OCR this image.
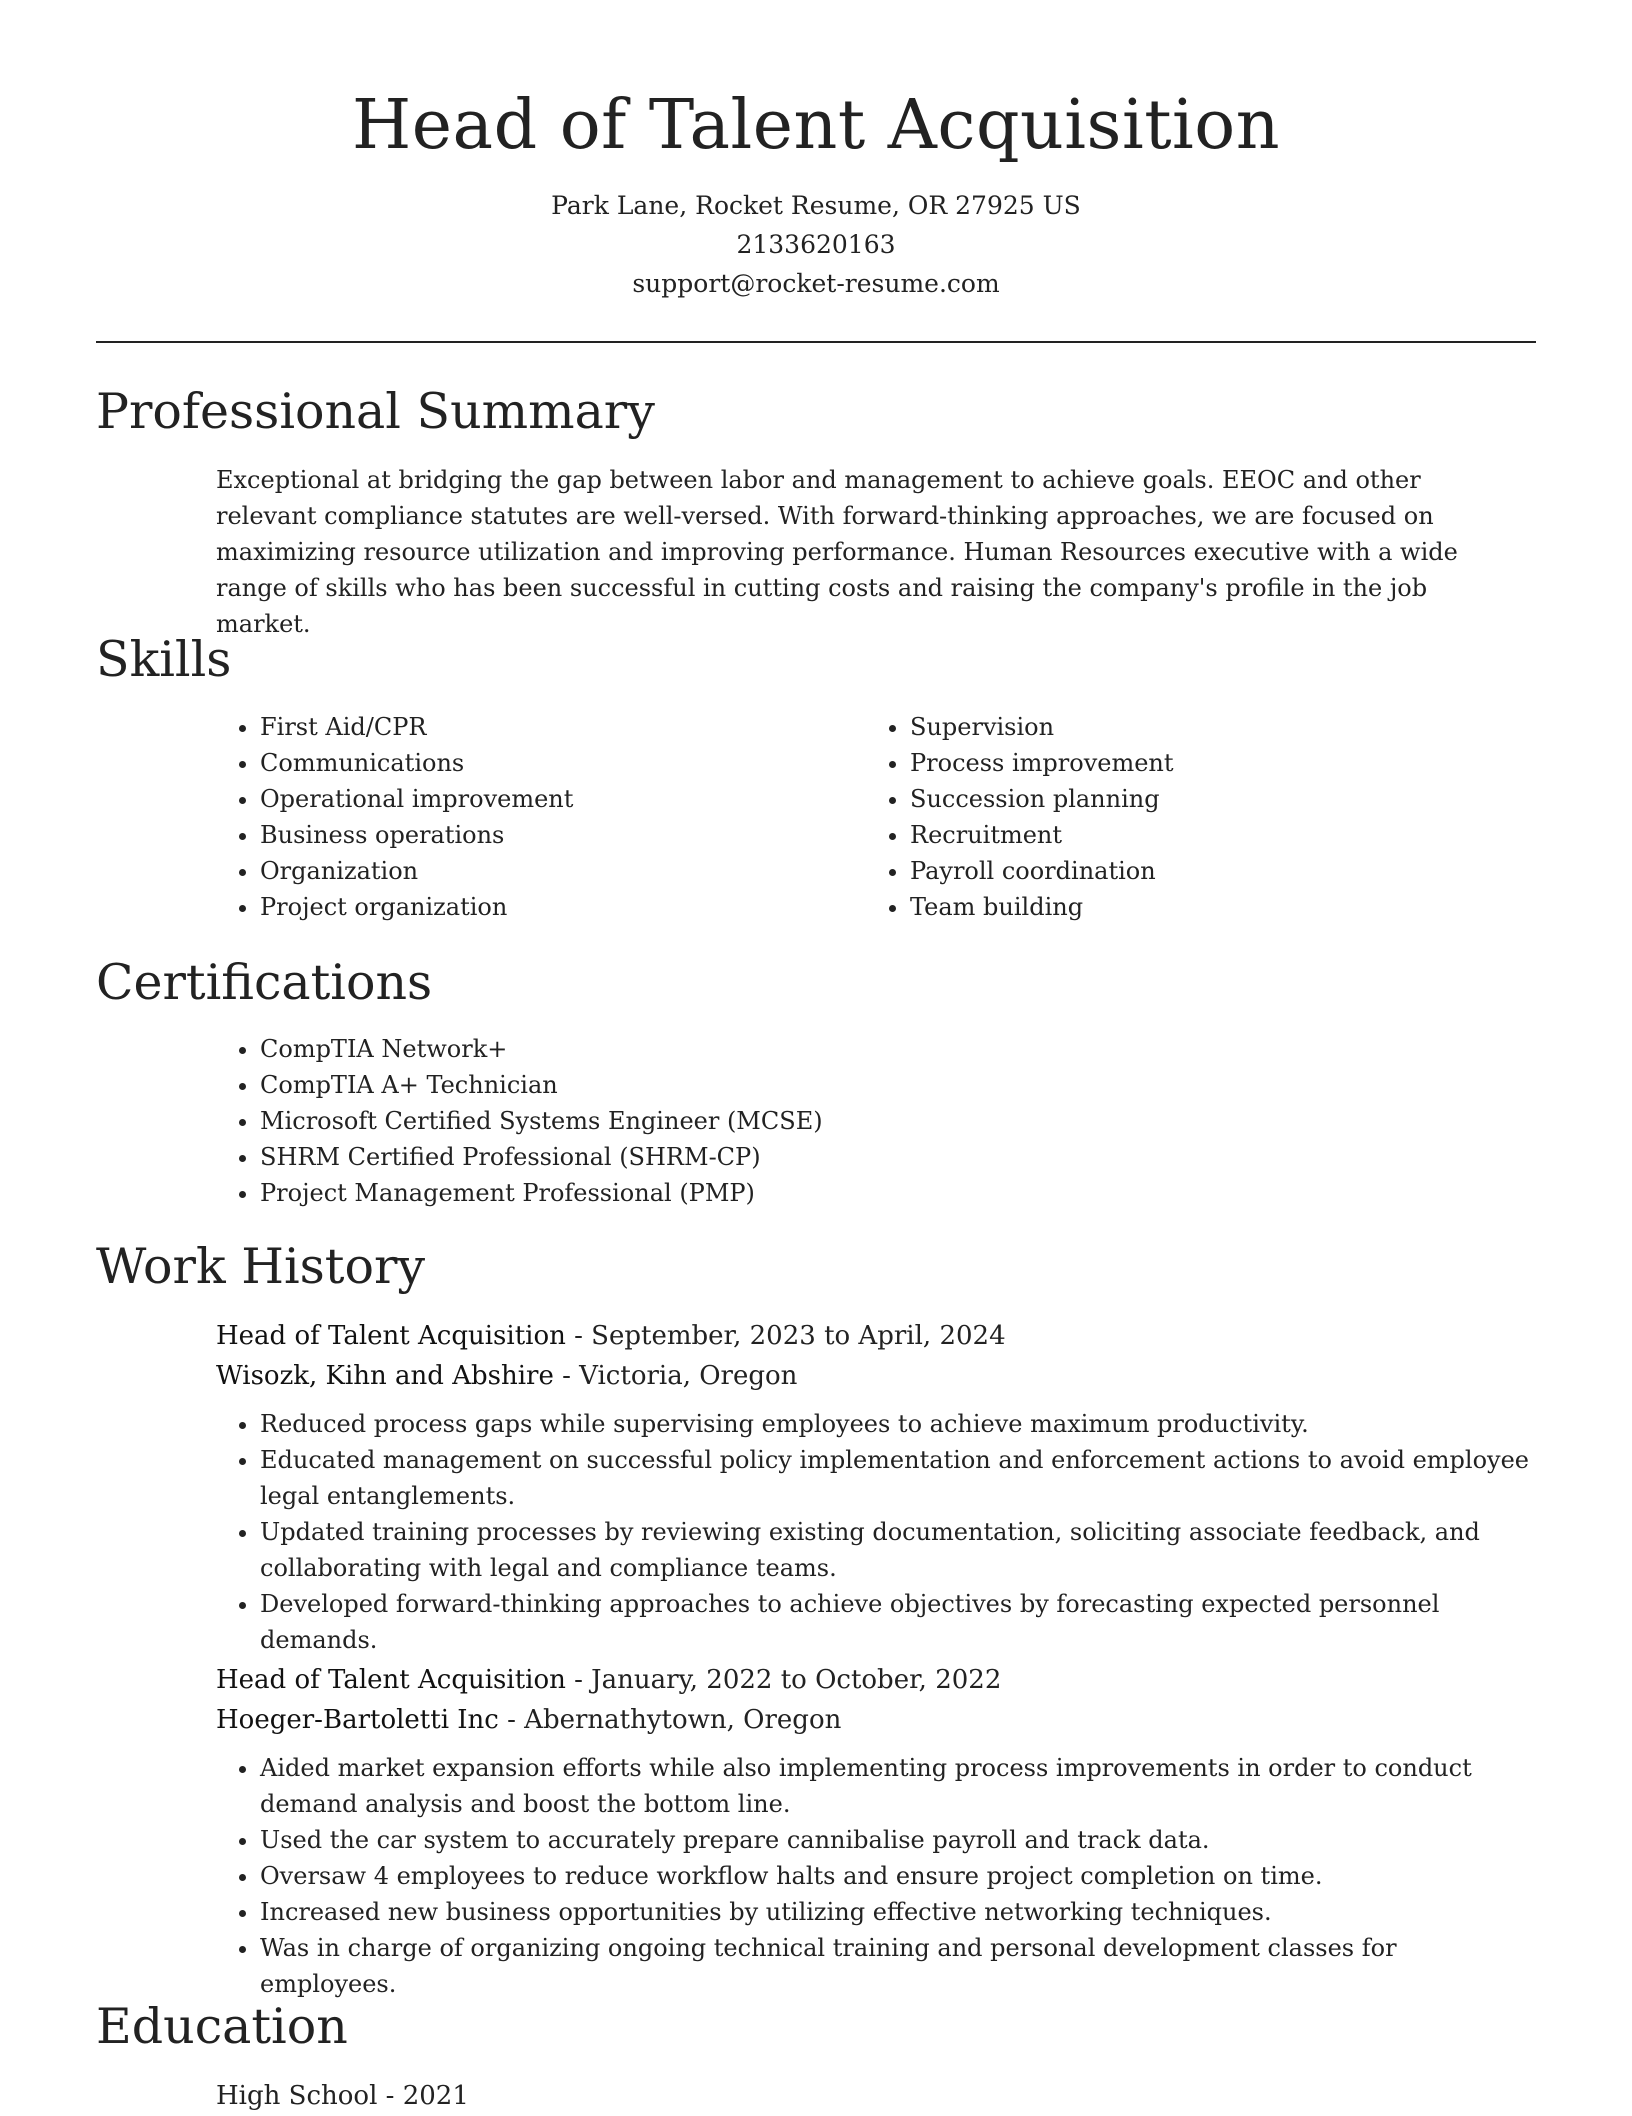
Head of Talent Acquisition
Park Lane, Rocket Resume, OR 27925 US
2133620163
support@rocket-resume.com
Professional Summary

Exceptional at bridging the gap between labor and management to achieve goals. EEOC and other relevant compliance statutes are well-versed. With forward-thinking approaches, we are focused on maximizing resource utilization and improving performance. Human Resources executive with a wide range of skills who has been successful in cutting costs and raising the company's profile in the job market.

Skills
• First Aid/CPR
• Communications
• Operational improvement
• Business operations
• Organization
• Project organization
• Supervision
• Process improvement
• Succession planning
• Recruitment
• Payroll coordination
• Team building
Certifications
• CompTIA Network+
• CompTIA A+ Technician
• Microsoft Certified Systems Engineer (MCSE)
• SHRM Certified Professional (SHRM-CP)
• Project Management Professional (PMP)
Work History
Head of Talent Acquisition - September, 2023 to April, 2024
Wisozk, Kihn and Abshire - Victoria, Oregon
• Reduced process gaps while supervising employees to achieve maximum productivity.
• Educated management on successful policy implementation and enforcement actions to avoid employee legal entanglements.
• Updated training processes by reviewing existing documentation, soliciting associate feedback, and collaborating with legal and compliance teams.
• Developed forward-thinking approaches to achieve objectives by forecasting expected personnel demands.
Head of Talent Acquisition - January, 2022 to October, 2022
Hoeger-Bartoletti Inc - Abernathytown, Oregon
• Aided market expansion efforts while also implementing process improvements in order to conduct demand analysis and boost the bottom line.
• Used the car system to accurately prepare cannibalise payroll and track data.
• Oversaw 4 employees to reduce workflow halts and ensure project completion on time.
• Increased new business opportunities by utilizing effective networking techniques.
• Was in charge of organizing ongoing technical training and personal development classes for employees.
Education
High School - 2021
